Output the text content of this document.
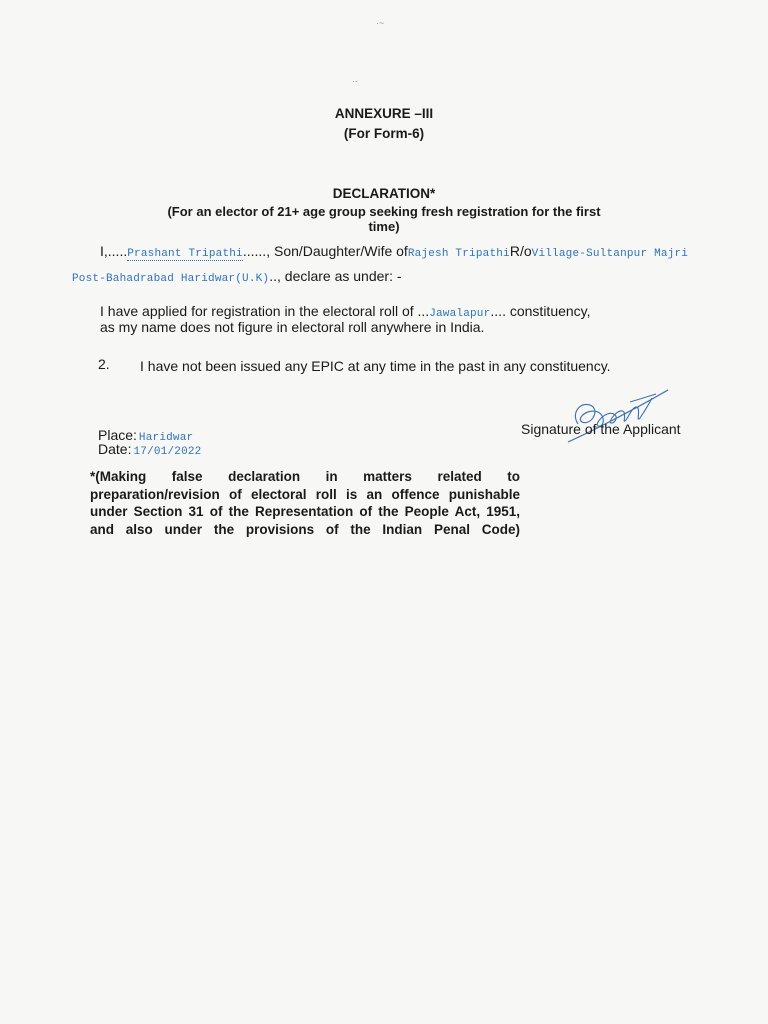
·~
·-
ANNEXURE –III
(For Form-6)
DECLARATION*
(For an elector of 21+ age group seeking fresh registration for the first
time)
I,.....Prashant Tripathi......, Son/Daughter/Wife ofRajesh TripathiR/oVillage-Sultanpur Majri
Post-Bahadrabad Haridwar(U.K).., declare as under: -
I have applied for registration in the electoral roll of ...Jawalapur.... constituency,
as my name does not figure in electoral roll anywhere in India.
2. I have not been issued any EPIC at any time in the past in any constituency.
Signature of the Applicant
Place: Haridwar
Date: 17/01/2022
*(Making false declaration in matters related to preparation/revision of electoral roll is an offence punishable under Section 31 of the Representation of the People Act, 1951, and also under the provisions of the Indian Penal Code)
